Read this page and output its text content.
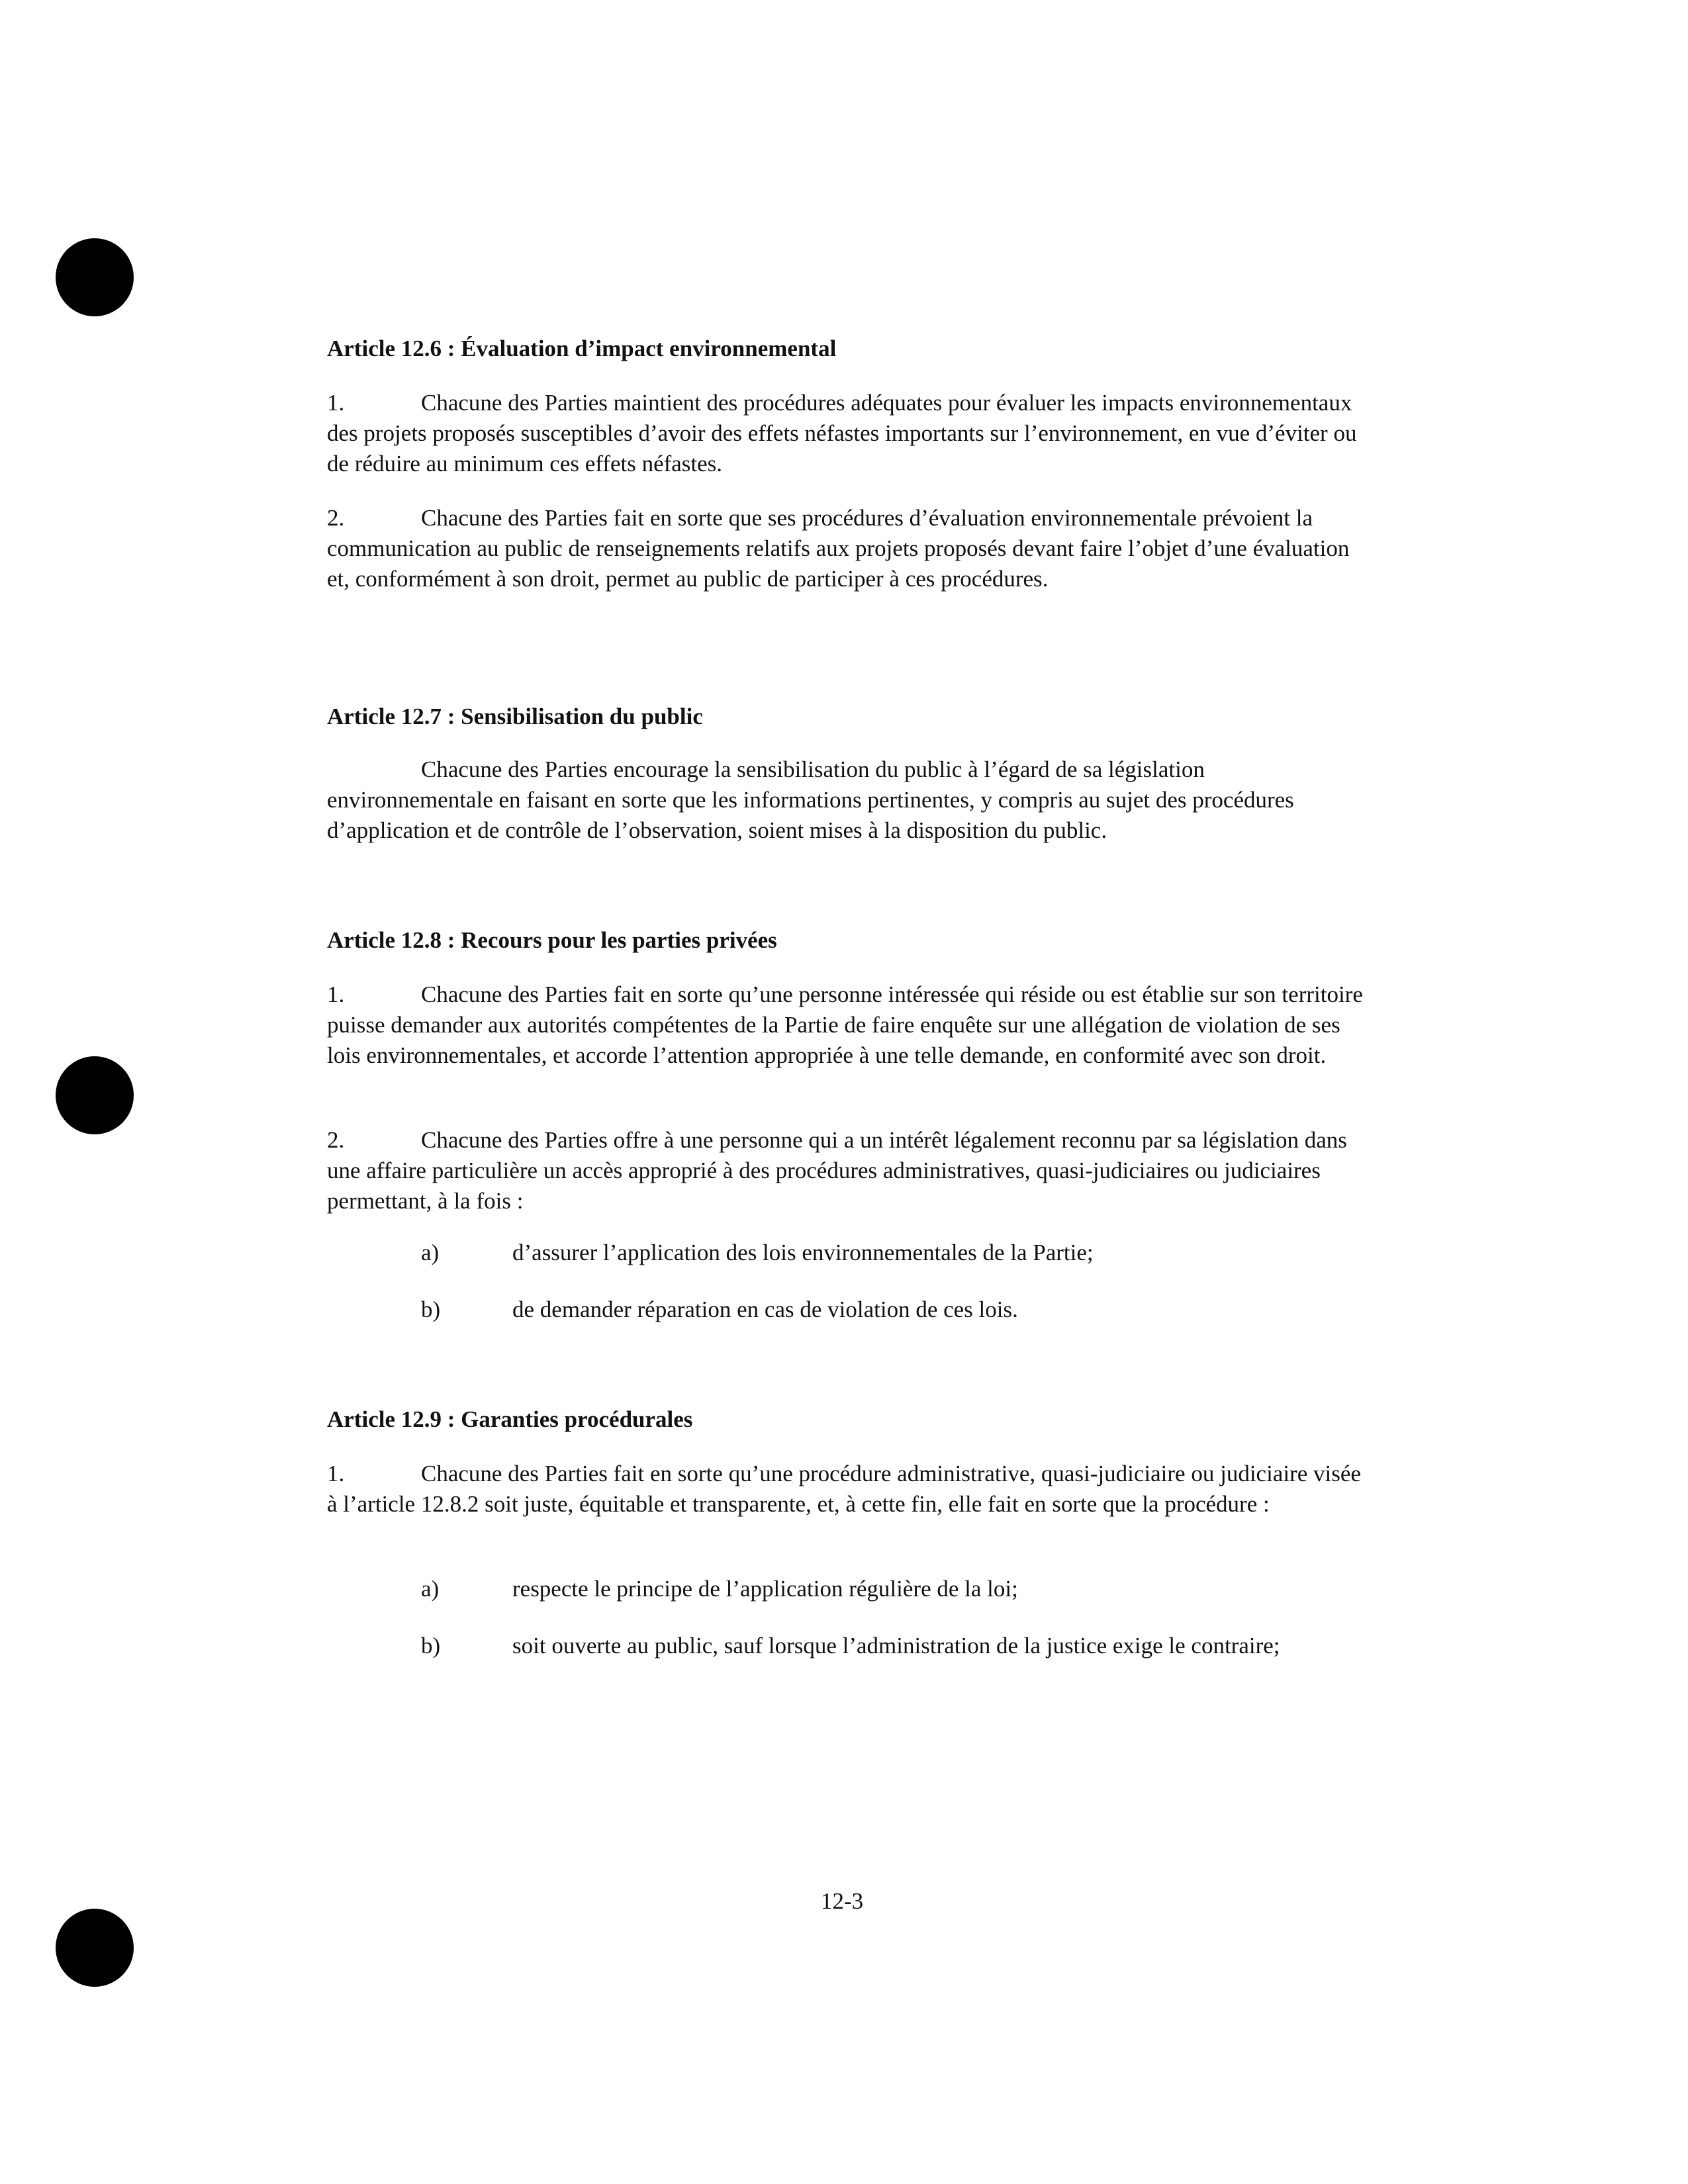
Article 12.6 : Évaluation d’impact environnemental
1.	Chacune des Parties maintient des procédures adéquates pour évaluer les impacts environnementaux des projets proposés susceptibles d’avoir des effets néfastes importants sur l’environnement, en vue d’éviter ou de réduire au minimum ces effets néfastes.
2.	Chacune des Parties fait en sorte que ses procédures d’évaluation environnementale prévoient la communication au public de renseignements relatifs aux projets proposés devant faire l’objet d’une évaluation et, conformément à son droit, permet au public de participer à ces procédures.
Article 12.7 : Sensibilisation du public
Chacune des Parties encourage la sensibilisation du public à l’égard de sa législation environnementale en faisant en sorte que les informations pertinentes, y compris au sujet des procédures d’application et de contrôle de l’observation, soient mises à la disposition du public.
Article 12.8 : Recours pour les parties privées
1.	Chacune des Parties fait en sorte qu’une personne intéressée qui réside ou est établie sur son territoire puisse demander aux autorités compétentes de la Partie de faire enquête sur une allégation de violation de ses lois environnementales, et accorde l’attention appropriée à une telle demande, en conformité avec son droit.
2.	Chacune des Parties offre à une personne qui a un intérêt légalement reconnu par sa législation dans une affaire particulière un accès approprié à des procédures administratives, quasi-judiciaires ou judiciaires permettant, à la fois :
a)	d’assurer l’application des lois environnementales de la Partie;
b)	de demander réparation en cas de violation de ces lois.
Article 12.9 : Garanties procédurales
1.	Chacune des Parties fait en sorte qu’une procédure administrative, quasi-judiciaire ou judiciaire visée à l’article 12.8.2 soit juste, équitable et transparente, et, à cette fin, elle fait en sorte que la procédure :
a)	respecte le principe de l’application régulière de la loi;
b)	soit ouverte au public, sauf lorsque l’administration de la justice exige le contraire;
12-3
